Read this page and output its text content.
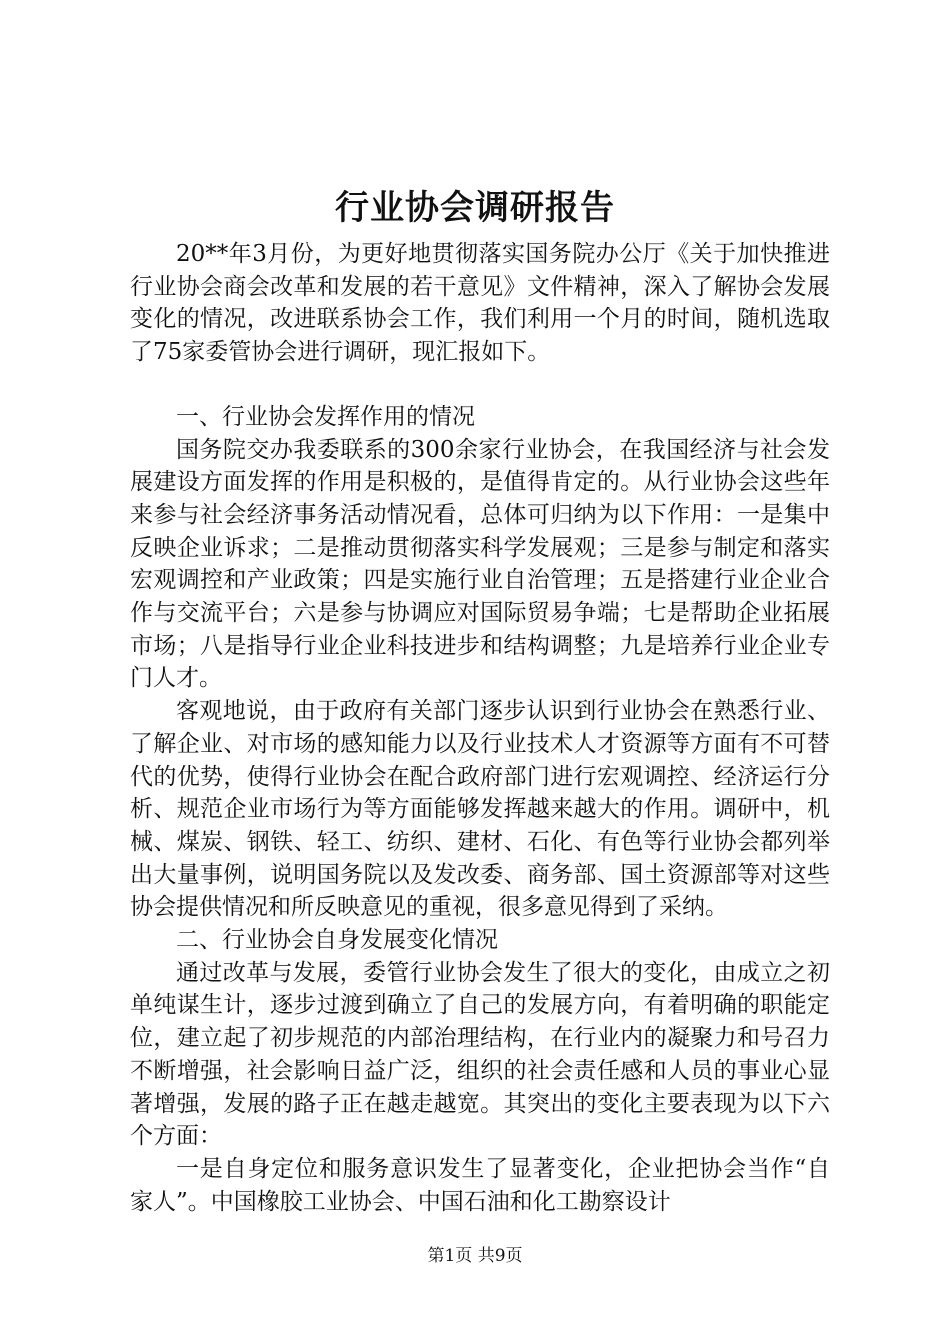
行业协会调研报告

20**年3月份，为更好地贯彻落实国务院办公厅《关于加快推进行业协会商会改革和发展的若干意见》文件精神，深入了解协会发展变化的情况，改进联系协会工作，我们利用一个月的时间，随机选取了75家委管协会进行调研，现汇报如下。

一、行业协会发挥作用的情况

国务院交办我委联系的300余家行业协会，在我国经济与社会发展建设方面发挥的作用是积极的，是值得肯定的。从行业协会这些年来参与社会经济事务活动情况看，总体可归纳为以下作用：一是集中反映企业诉求；二是推动贯彻落实科学发展观；三是参与制定和落实宏观调控和产业政策；四是实施行业自治管理；五是搭建行业企业合作与交流平台；六是参与协调应对国际贸易争端；七是帮助企业拓展市场；八是指导行业企业科技进步和结构调整；九是培养行业企业专门人才。

客观地说，由于政府有关部门逐步认识到行业协会在熟悉行业、了解企业、对市场的感知能力以及行业技术人才资源等方面有不可替代的优势，使得行业协会在配合政府部门进行宏观调控、经济运行分析、规范企业市场行为等方面能够发挥越来越大的作用。调研中，机械、煤炭、钢铁、轻工、纺织、建材、石化、有色等行业协会都列举出大量事例，说明国务院以及发改委、商务部、国土资源部等对这些协会提供情况和所反映意见的重视，很多意见得到了采纳。

二、行业协会自身发展变化情况

通过改革与发展，委管行业协会发生了很大的变化，由成立之初单纯谋生计，逐步过渡到确立了自己的发展方向，有着明确的职能定位，建立起了初步规范的内部治理结构，在行业内的凝聚力和号召力不断增强，社会影响日益广泛，组织的社会责任感和人员的事业心显著增强，发展的路子正在越走越宽。其突出的变化主要表现为以下六个方面：

一是自身定位和服务意识发生了显著变化，企业把协会当作“自家人”。中国橡胶工业协会、中国石油和化工勘察设计

第1页 共9页
